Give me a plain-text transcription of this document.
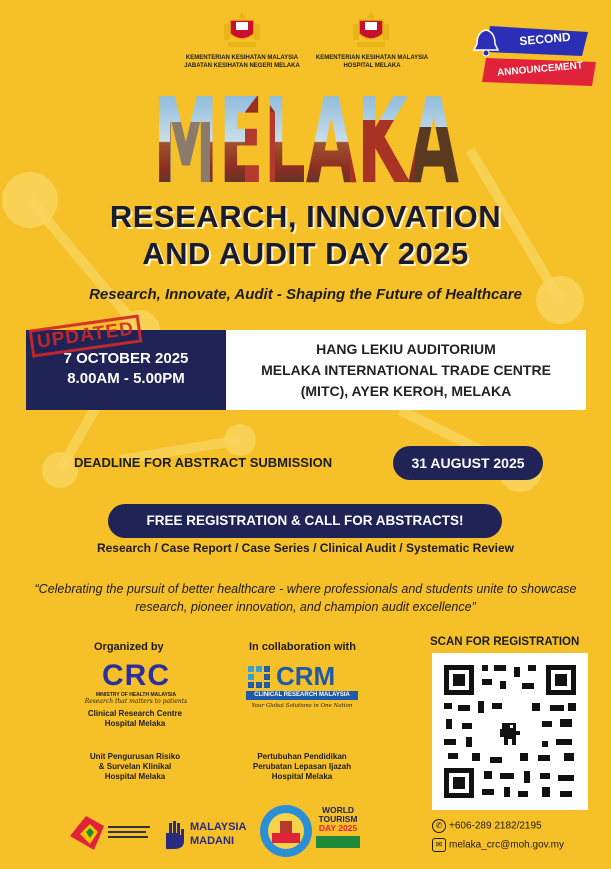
KEMENTERIAN KESIHATAN MALAYSIA
JABATAN KESIHATAN NEGERI MELAKA
KEMENTERIAN KESIHATAN MALAYSIA
HOSPITAL MELAKA
SECOND
ANNOUNCEMENT
RESEARCH, INNOVATION
AND AUDIT DAY 2025
Research, Innovate, Audit - Shaping the Future of Healthcare
7 OCTOBER 2025
8.00AM - 5.00PM
HANG LEKIU AUDITORIUM
MELAKA INTERNATIONAL TRADE CENTRE
(MITC), AYER KEROH, MELAKA
UPDATED
DEADLINE FOR ABSTRACT SUBMISSION	31 AUGUST 2025
FREE REGISTRATION & CALL FOR ABSTRACTS!
Research / Case Report / Case Series / Clinical Audit / Systematic Review
“Celebrating the pursuit of better healthcare - where professionals and students unite to showcase research, pioneer innovation, and champion audit excellence”
Organized by
CRC
MINISTRY OF HEALTH MALAYSIA
Research that matters to patients
Clinical Research Centre
Hospital Melaka
Unit Pengurusan Risiko
& Survelan Klinikal
Hospital Melaka
In collaboration with
CRM
CLINICAL RESEARCH MALAYSIA
Your Global Solutions in One Nation
Pertubuhan Pendidikan
Perubatan Lepasan Ijazah
Hospital Melaka
SCAN FOR REGISTRATION
✆ +606-289 2182/2195
✉ melaka_crc@moh.gov.my
MALAYSIA
MADANI
WORLD
TOURISM
DAY 2025
